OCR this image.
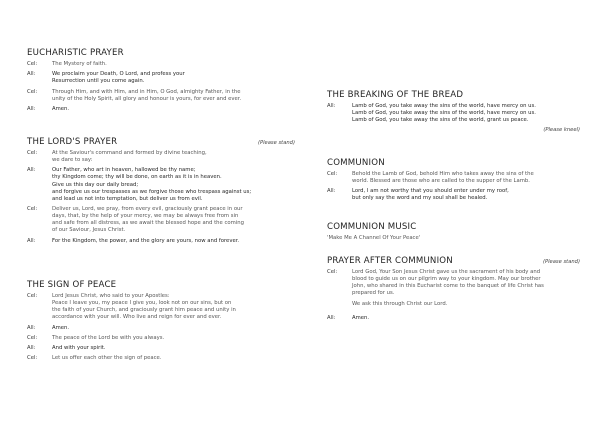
EUCHARISTIC PRAYER
Cel:	The Mystery of faith.
All:	We proclaim your Death, O Lord, and profess your
Resurrection until you come again.
Cel:	Through Him, and with Him, and in Him, O God, almighty Father, in the
unity of the Holy Spirit, all glory and honour is yours, for ever and ever.
All:	Amen.
THE LORD'S PRAYER	(Please stand)
Cel:	At the Saviour's command and formed by divine teaching,
we dare to say:
All:	Our Father, who art in heaven, hallowed be thy name;
thy Kingdom come; thy will be done, on earth as it is in heaven.
Give us this day our daily bread;
and forgive us our trespasses as we forgive those who trespass against us;
and lead us not into temptation, but deliver us from evil.
Cel:	Deliver us, Lord, we pray, from every evil, graciously grant peace in our
days, that, by the help of your mercy, we may be always free from sin
and safe from all distress, as we await the blessed hope and the coming
of our Saviour, Jesus Christ.
All:	For the Kingdom, the power, and the glory are yours, now and forever.
THE SIGN OF PEACE
Cel:	Lord Jesus Christ, who said to your Apostles:
Peace I leave you, my peace I give you, look not on our sins, but on
the faith of your Church, and graciously grant him peace and unity in
accordance with your will. Who live and reign for ever and ever.
All:	Amen.
Cel:	The peace of the Lord be with you always.
All:	And with your spirit.
Cel:	Let us offer each other the sign of peace.
THE BREAKING OF THE BREAD
All:	Lamb of God, you take away the sins of the world, have mercy on us.
Lamb of God, you take away the sins of the world, have mercy on us.
Lamb of God, you take away the sins of the world, grant us peace.
(Please kneel)
COMMUNION
Cel:	Behold the Lamb of God, behold Him who takes away the sins of the
world. Blessed are those who are called to the supper of the Lamb.
All:	Lord, I am not worthy that you should enter under my roof,
but only say the word and my soul shall be healed.
COMMUNION MUSIC
'Make Me A Channel Of Your Peace'
PRAYER AFTER COMMUNION	(Please stand)
Cel:	Lord God, Your Son Jesus Christ gave us the sacrament of his body and
blood to guide us on our pilgrim way to your kingdom. May our brother
John, who shared in this Eucharist come to the banquet of life Christ has
prepared for us.
We ask this through Christ our Lord.
All:	Amen.
